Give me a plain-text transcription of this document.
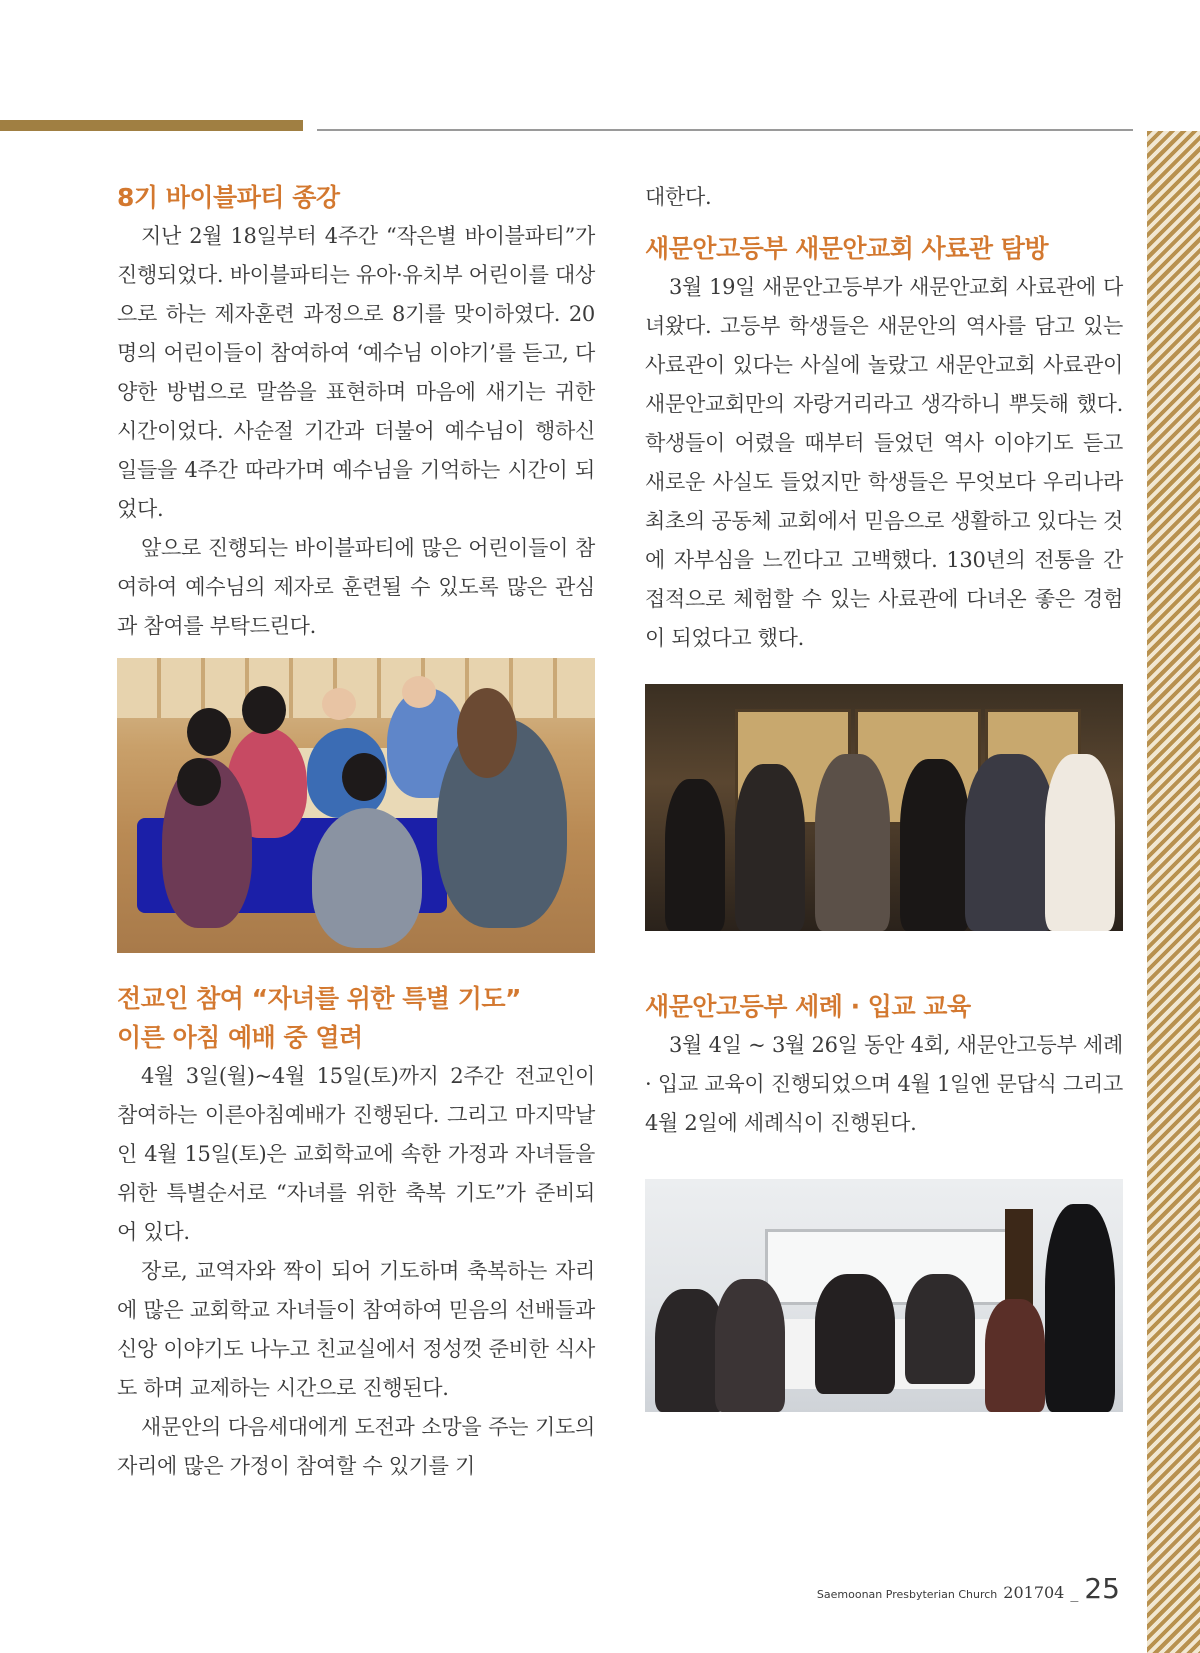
8기 바이블파티 종강

지난 2월 18일부터 4주간 “작은별 바이블파티”가 진행되었다. 바이블파티는 유아·유치부 어린이를 대상으로 하는 제자훈련 과정으로 8기를 맞이하였다. 20명의 어린이들이 참여하여 ‘예수님 이야기’를 듣고, 다양한 방법으로 말씀을 표현하며 마음에 새기는 귀한 시간이었다. 사순절 기간과 더불어 예수님이 행하신 일들을 4주간 따라가며 예수님을 기억하는 시간이 되었다.

앞으로 진행되는 바이블파티에 많은 어린이들이 참여하여 예수님의 제자로 훈련될 수 있도록 많은 관심과 참여를 부탁드린다.

전교인 참여 “자녀를 위한 특별 기도”
이른 아침 예배 중 열려

4월 3일(월)~4월 15일(토)까지 2주간 전교인이 참여하는 이른아침예배가 진행된다. 그리고 마지막날인 4월 15일(토)은 교회학교에 속한 가정과 자녀들을 위한 특별순서로 “자녀를 위한 축복 기도”가 준비되어 있다.

장로, 교역자와 짝이 되어 기도하며 축복하는 자리에 많은 교회학교 자녀들이 참여하여 믿음의 선배들과 신앙 이야기도 나누고 친교실에서 정성껏 준비한 식사도 하며 교제하는 시간으로 진행된다.

새문안의 다음세대에게 도전과 소망을 주는 기도의 자리에 많은 가정이 참여할 수 있기를 기

대한다.

새문안고등부 새문안교회 사료관 탐방

3월 19일 새문안고등부가 새문안교회 사료관에 다녀왔다. 고등부 학생들은 새문안의 역사를 담고 있는 사료관이 있다는 사실에 놀랐고 새문안교회 사료관이 새문안교회만의 자랑거리라고 생각하니 뿌듯해 했다. 학생들이 어렸을 때부터 들었던 역사 이야기도 듣고 새로운 사실도 들었지만 학생들은 무엇보다 우리나라 최초의 공동체 교회에서 믿음으로 생활하고 있다는 것에 자부심을 느낀다고 고백했다. 130년의 전통을 간접적으로 체험할 수 있는 사료관에 다녀온 좋은 경험이 되었다고 했다.

새문안고등부 세례 · 입교 교육

3월 4일 ~ 3월 26일 동안 4회, 새문안고등부 세례 · 입교 교육이 진행되었으며 4월 1일엔 문답식 그리고 4월 2일에 세례식이 진행된다.

Saemoonan Presbyterian Church 201704 _ 25
